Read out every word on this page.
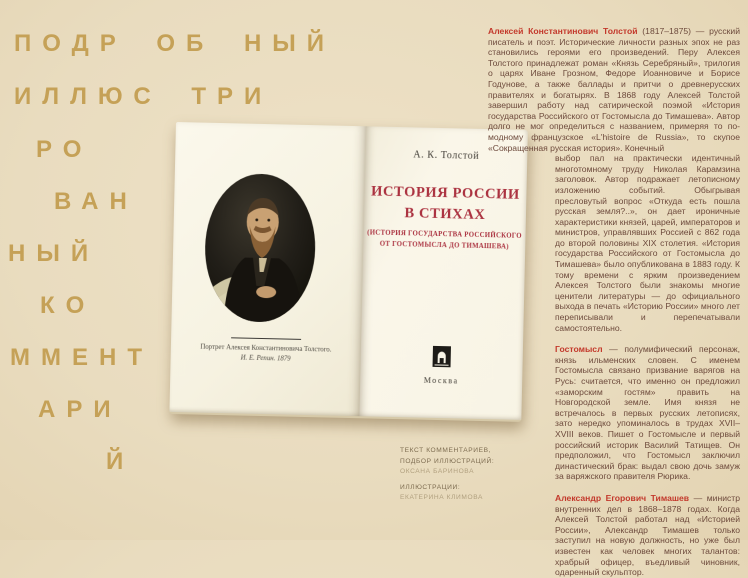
ПОДР ОБ НЫЙ
ИЛЛЮС ТРИ
РО
ВАН
НЫЙ
КО
ММЕНТ
АРИ
Й
Портрет Алексея Константиновича Толстого.
И. Е. Репин. 1879
А. К. Толстой
ИСТОРИЯ РОССИИ
В СТИХАХ
(ИСТОРИЯ ГОСУДАРСТВА РОССИЙСКОГО
ОТ ГОСТОМЫСЛА ДО ТИМАШЕВА)
Москва

Алексей Константинович Толстой (1817–1875) — русский писатель и поэт. Исторические личности разных эпох не раз становились героями его произведений. Перу Алексея Толстого принадлежат роман «Князь Серебряный», трилогия о царях Иване Грозном, Федоре Иоанновиче и Борисе Годунове, а также баллады и притчи о древнерусских правителях и богатырях. В 1868 году Алексей Толстой завершил работу над сатирической поэмой «История государства Российского от Гостомысла до Тимашева». Автор долго не мог определиться с названием, примеряя то по-модному французское «L'histoire de Russia», то скупое «Сокращенная русская история». Конечный

выбор пал на практически идентичный многотомному труду Николая Карамзина заголовок. Автор подражает летописному изложению событий. Обыгрывая пресловутый вопрос «Откуда есть пошла русская земля?..», он дает ироничные характеристики князей, царей, императоров и министров, управлявших Россией с 862 года до второй половины XIX столетия. «История государства Российского от Гостомысла до Тимашева» было опубликована в 1883 году. К тому времени с ярким произведением Алексея Толстого были знакомы многие ценители литературы — до официального выхода в печать «Историю России» много лет переписывали и перепечатывали самостоятельно.

Гостомысл — полумифический персонаж, князь ильменских словен. С именем Гостомысла связано призвание варягов на Русь: считается, что именно он предложил «заморским гостям» править на Новгородской земле. Имя князя не встречалось в первых русских летописях, зато нередко упоминалось в трудах XVII–XVIII веков. Пишет о Гостомысле и первый российский историк Василий Татищев. Он предположил, что Гостомысл заключил династический брак: выдал свою дочь замуж за варяжского правителя Рюрика.

Александр Егорович Тимашев — министр внутренних дел в 1868–1878 годах. Когда Алексей Толстой работал над «Историей России», Александр Тимашев только заступил на новую должность, но уже был известен как человек многих талантов: храбрый офицер, въедливый чиновник, одаренный скульптор.

ТЕКСТ КОММЕНТАРИЕВ,
ПОДБОР ИЛЛЮСТРАЦИЙ:
ОКСАНА БАРИНОВА
ИЛЛЮСТРАЦИИ:
ЕКАТЕРИНА КЛИМОВА
